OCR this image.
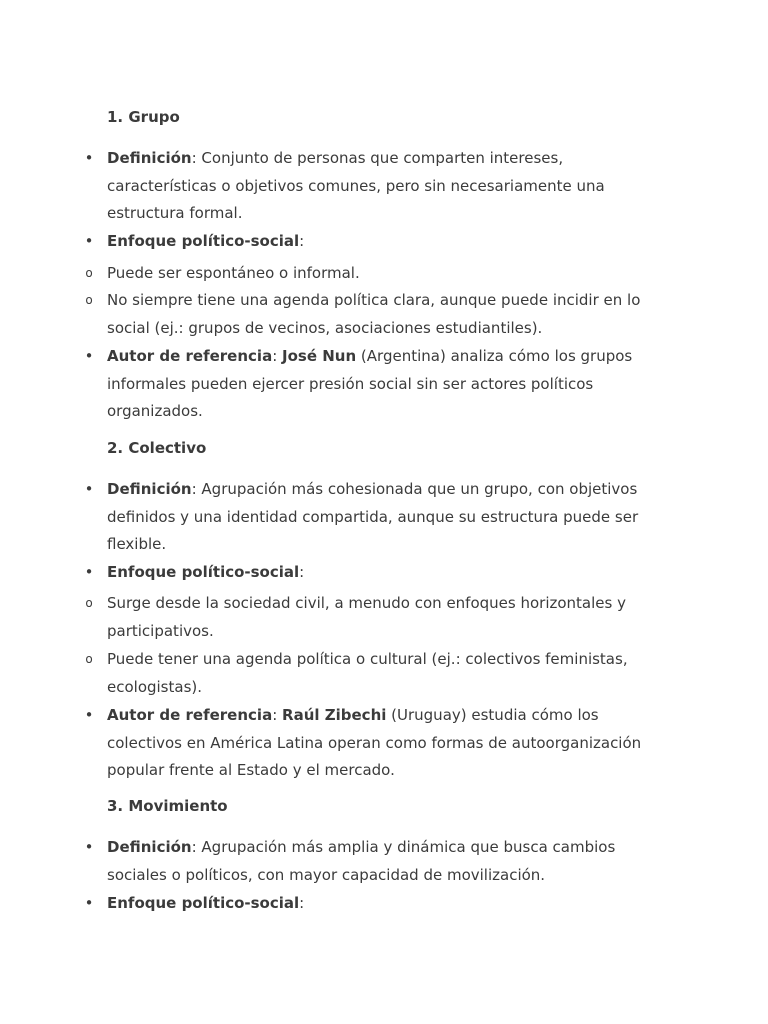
1. Grupo
• Definición: Conjunto de personas que comparten intereses, características o objetivos comunes, pero sin necesariamente una estructura formal.
• Enfoque político-social:
o Puede ser espontáneo o informal.
o No siempre tiene una agenda política clara, aunque puede incidir en lo social (ej.: grupos de vecinos, asociaciones estudiantiles).
• Autor de referencia: José Nun (Argentina) analiza cómo los grupos informales pueden ejercer presión social sin ser actores políticos organizados.
2. Colectivo
• Definición: Agrupación más cohesionada que un grupo, con objetivos definidos y una identidad compartida, aunque su estructura puede ser flexible.
• Enfoque político-social:
o Surge desde la sociedad civil, a menudo con enfoques horizontales y participativos.
o Puede tener una agenda política o cultural (ej.: colectivos feministas, ecologistas).
• Autor de referencia: Raúl Zibechi (Uruguay) estudia cómo los colectivos en América Latina operan como formas de autoorganización popular frente al Estado y el mercado.
3. Movimiento
• Definición: Agrupación más amplia y dinámica que busca cambios sociales o políticos, con mayor capacidad de movilización.
• Enfoque político-social:
